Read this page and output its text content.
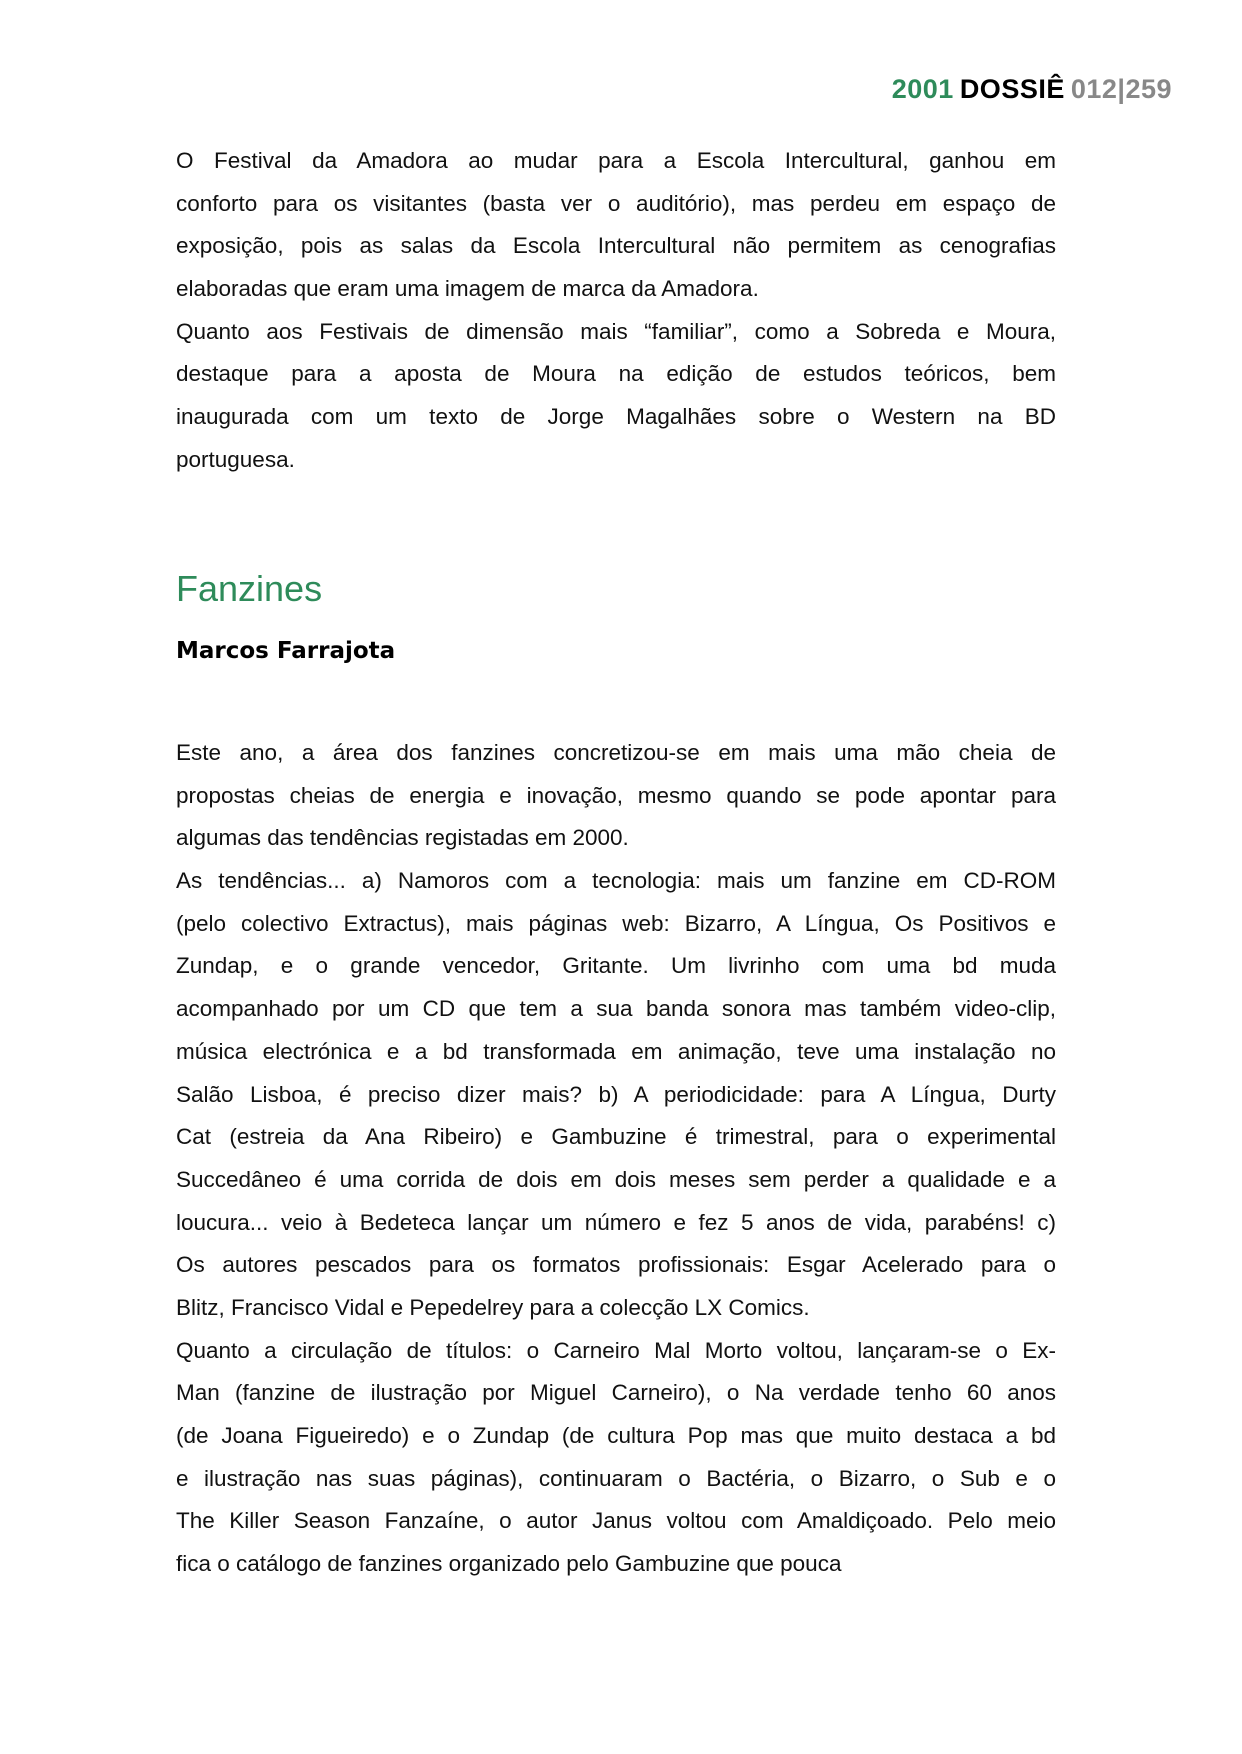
2001 DOSSIÊ 012|259
O Festival da Amadora ao mudar para a Escola Intercultural, ganhou em
conforto para os visitantes (basta ver o auditório), mas perdeu em espaço de
exposição, pois as salas da Escola Intercultural não permitem as cenografias
elaboradas que eram uma imagem de marca da Amadora.
Quanto aos Festivais de dimensão mais “familiar”, como a Sobreda e Moura,
destaque para a aposta de Moura na edição de estudos teóricos, bem
inaugurada com um texto de Jorge Magalhães sobre o Western na BD
portuguesa.
Fanzines
Marcos Farrajota
Este ano, a área dos fanzines concretizou-se em mais uma mão cheia de
propostas cheias de energia e inovação, mesmo quando se pode apontar para
algumas das tendências registadas em 2000.
As tendências... a) Namoros com a tecnologia: mais um fanzine em CD-ROM
(pelo colectivo Extractus), mais páginas web: Bizarro, A Língua, Os Positivos e
Zundap, e o grande vencedor, Gritante. Um livrinho com uma bd muda
acompanhado por um CD que tem a sua banda sonora mas também video-clip,
música electrónica e a bd transformada em animação, teve uma instalação no
Salão Lisboa, é preciso dizer mais? b) A periodicidade: para A Língua, Durty
Cat (estreia da Ana Ribeiro) e Gambuzine é trimestral, para o experimental
Succedâneo é uma corrida de dois em dois meses sem perder a qualidade e a
loucura... veio à Bedeteca lançar um número e fez 5 anos de vida, parabéns! c)
Os autores pescados para os formatos profissionais: Esgar Acelerado para o
Blitz, Francisco Vidal e Pepedelrey para a colecção LX Comics.
Quanto a circulação de títulos: o Carneiro Mal Morto voltou, lançaram-se o Ex-
Man (fanzine de ilustração por Miguel Carneiro), o Na verdade tenho 60 anos
(de Joana Figueiredo) e o Zundap (de cultura Pop mas que muito destaca a bd
e ilustração nas suas páginas), continuaram o Bactéria, o Bizarro, o Sub e o
The Killer Season Fanzaíne, o autor Janus voltou com Amaldiçoado. Pelo meio
fica o catálogo de fanzines organizado pelo Gambuzine que pouca
